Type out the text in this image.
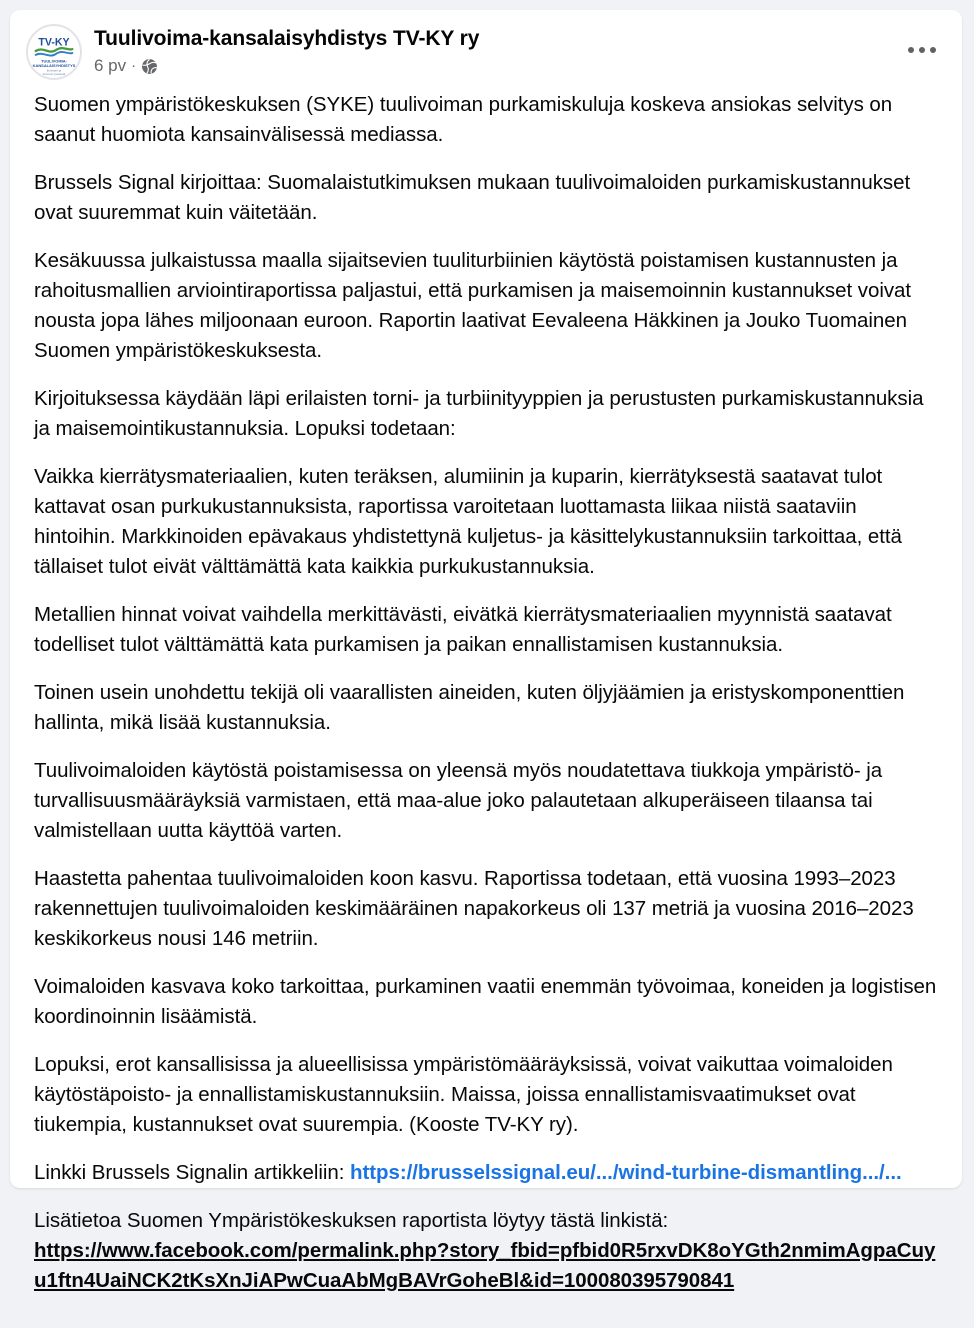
TV-KY
TUULIVOIMA-
KANSALAISYHDISTYS
ihmisten ja
luonnon puolesta
Tuulivoima-kansalaisyhdistys TV-KY ry
6 pv ·

Suomen ympäristökeskuksen (SYKE) tuulivoiman purkamiskuluja koskeva ansiokas selvitys on saanut huomiota kansainvälisessä mediassa.

Brussels Signal kirjoittaa: Suomalaistutkimuksen mukaan tuulivoimaloiden purkamiskustannukset ovat suuremmat kuin väitetään.

Kesäkuussa julkaistussa maalla sijaitsevien tuuliturbiinien käytöstä poistamisen kustannusten ja rahoitusmallien arviointiraportissa paljastui, että purkamisen ja maisemoinnin kustannukset voivat nousta jopa lähes miljoonaan euroon. Raportin laativat Eevaleena Häkkinen ja Jouko Tuomainen Suomen ympäristökeskuksesta.

Kirjoituksessa käydään läpi erilaisten torni- ja turbiinityyppien ja perustusten purkamiskustannuksia ja maisemointikustannuksia. Lopuksi todetaan:

Vaikka kierrätysmateriaalien, kuten teräksen, alumiinin ja kuparin, kierrätyksestä saatavat tulot kattavat osan purkukustannuksista, raportissa varoitetaan luottamasta liikaa niistä saataviin hintoihin. Markkinoiden epävakaus yhdistettynä kuljetus- ja käsittelykustannuksiin tarkoittaa, että tällaiset tulot eivät välttämättä kata kaikkia purkukustannuksia.

Metallien hinnat voivat vaihdella merkittävästi, eivätkä kierrätysmateriaalien myynnistä saatavat todelliset tulot välttämättä kata purkamisen ja paikan ennallistamisen kustannuksia.

Toinen usein unohdettu tekijä oli vaarallisten aineiden, kuten öljyjäämien ja eristyskomponenttien hallinta, mikä lisää kustannuksia.

Tuulivoimaloiden käytöstä poistamisessa on yleensä myös noudatettava tiukkoja ympäristö- ja turvallisuusmääräyksiä varmistaen, että maa-alue joko palautetaan alkuperäiseen tilaansa tai valmistellaan uutta käyttöä varten.

Haastetta pahentaa tuulivoimaloiden koon kasvu. Raportissa todetaan, että vuosina 1993–2023 rakennettujen tuulivoimaloiden keskimääräinen napakorkeus oli 137 metriä ja vuosina 2016–2023 keskikorkeus nousi 146 metriin.

Voimaloiden kasvava koko tarkoittaa, purkaminen vaatii enemmän työvoimaa, koneiden ja logistisen koordinoinnin lisäämistä.

Lopuksi, erot kansallisissa ja alueellisissa ympäristömääräyksissä, voivat vaikuttaa voimaloiden käytöstäpoisto- ja ennallistamiskustannuksiin. Maissa, joissa ennallistamisvaatimukset ovat tiukempia, kustannukset ovat suurempia. (Kooste TV-KY ry).

Linkki Brussels Signalin artikkeliin: https://brusselssignal.eu/.../wind-turbine-dismantling.../...

Lisätietoa Suomen Ympäristökeskuksen raportista löytyy tästä linkistä:

https://www.facebook.com/permalink.php?story_fbid=pfbid0R5rxvDK8oYGth2nmimAgpaCuyu1ftn4UaiNCK2tKsXnJiAPwCuaAbMgBAVrGoheBl&id=100080395790841
